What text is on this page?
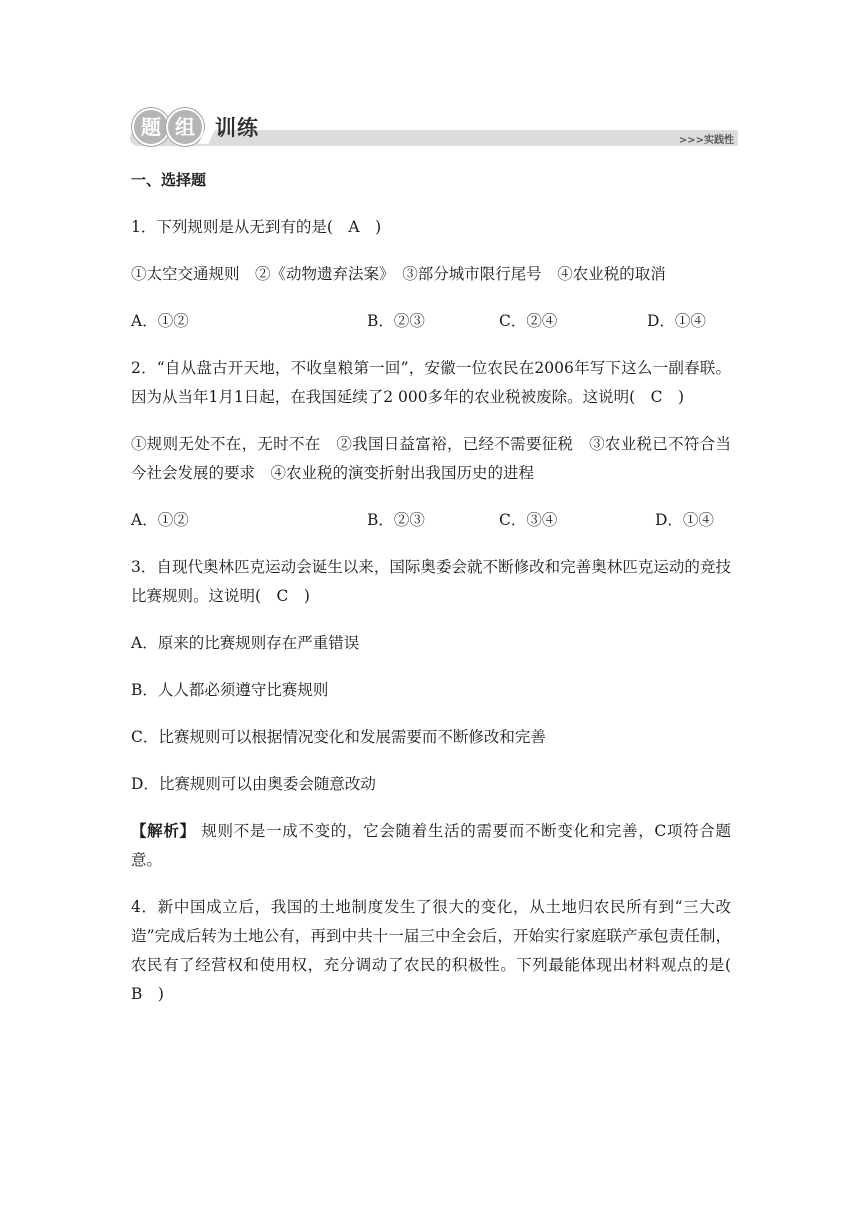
题 组 训练
>>>实践性

一、选择题

1．下列规则是从无到有的是(　A　)

①太空交通规则　②《动物遗弃法案》　③部分城市限行尾号　④农业税的取消

A．①②	B．②③	C．②④	D．①④

2．“自从盘古开天地，不收皇粮第一回”，安徽一位农民在2006年写下这么一副春联。因为从当年1月1日起，在我国延续了2 000多年的农业税被废除。这说明(　C　)

①规则无处不在，无时不在　②我国日益富裕，已经不需要征税　③农业税已不符合当今社会发展的要求　④农业税的演变折射出我国历史的进程

A．①②	B．②③	C．③④	D．①④

3．自现代奥林匹克运动会诞生以来，国际奥委会就不断修改和完善奥林匹克运动的竞技比赛规则。这说明(　C　)

A．原来的比赛规则存在严重错误

B．人人都必须遵守比赛规则

C．比赛规则可以根据情况变化和发展需要而不断修改和完善

D．比赛规则可以由奥委会随意改动

【解析】 规则不是一成不变的，它会随着生活的需要而不断变化和完善，C项符合题意。

4．新中国成立后，我国的土地制度发生了很大的变化，从土地归农民所有到“三大改造”完成后转为土地公有，再到中共十一届三中全会后，开始实行家庭联产承包责任制，农民有了经营权和使用权，充分调动了农民的积极性。下列最能体现出材料观点的是(　B　)
